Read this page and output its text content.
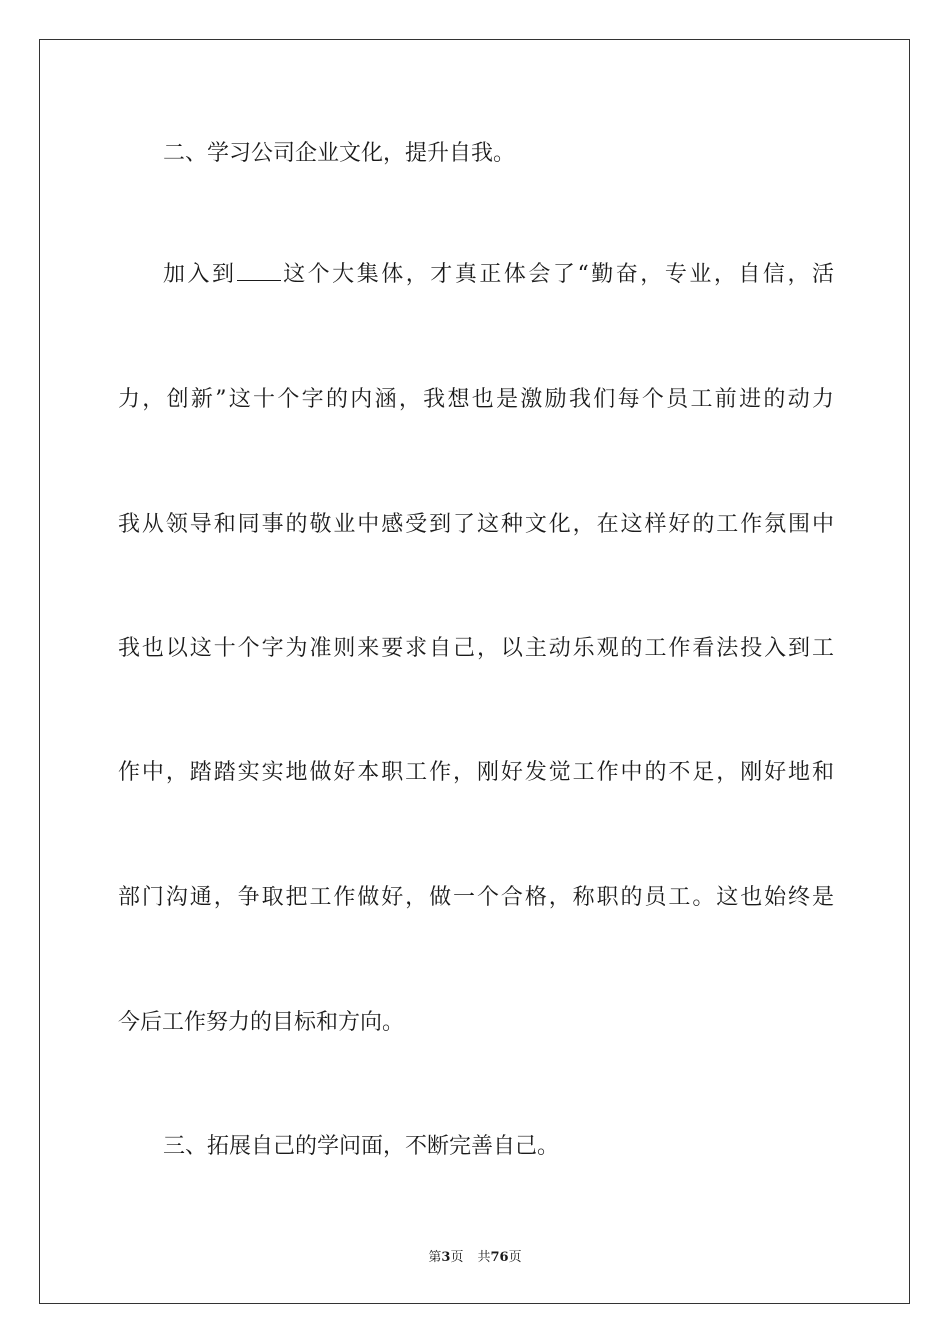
二、学习公司企业文化，提升自我。
加入到 这个大集体，才真正体会了“勤奋，专业，自信，活
力，创新”这十个字的内涵，我想也是激励我们每个员工前进的动力
我从领导和同事的敬业中感受到了这种文化，在这样好的工作氛围中
我也以这十个字为准则来要求自己，以主动乐观的工作看法投入到工
作中，踏踏实实地做好本职工作，刚好发觉工作中的不足，刚好地和
部门沟通，争取把工作做好，做一个合格，称职的员工。这也始终是
今后工作努力的目标和方向。
三、拓展自己的学问面，不断完善自己。
第3页 共76页
